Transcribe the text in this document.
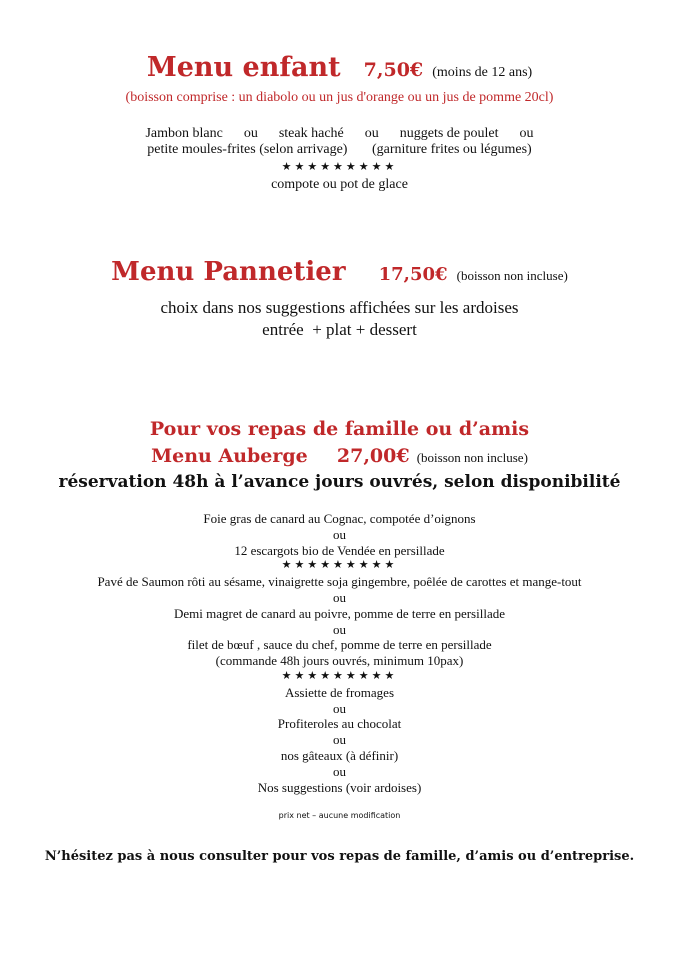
Menu enfant 7,50€ (moins de 12 ans)
(boisson comprise : un diabolo ou un jus d'orange ou un jus de pomme 20cl)
Jambon blanc      ou      steak haché      ou      nuggets de poulet      ou
petite moules-frites (selon arrivage)       (garniture frites ou légumes)
★★★★★★★★★
compote ou pot de glace
Menu Pannetier 17,50€ (boisson non incluse)
choix dans nos suggestions affichées sur les ardoises
entrée  + plat + dessert
Pour vos repas de famille ou d’amis
Menu Auberge 27,00€ (boisson non incluse)
réservation 48h à l’avance jours ouvrés, selon disponibilité
Foie gras de canard au Cognac, compotée d’oignons
ou
12 escargots bio de Vendée en persillade
★★★★★★★★★
Pavé de Saumon rôti au sésame, vinaigrette soja gingembre, poêlée de carottes et mange-tout
ou
Demi magret de canard au poivre, pomme de terre en persillade
ou
filet de bœuf , sauce du chef, pomme de terre en persillade
(commande 48h jours ouvrés, minimum 10pax)
★★★★★★★★★
Assiette de fromages
ou
Profiteroles au chocolat
ou
nos gâteaux (à définir)
ou
Nos suggestions (voir ardoises)
prix net – aucune modification
N’hésitez pas à nous consulter pour vos repas de famille, d’amis ou d’entreprise.
